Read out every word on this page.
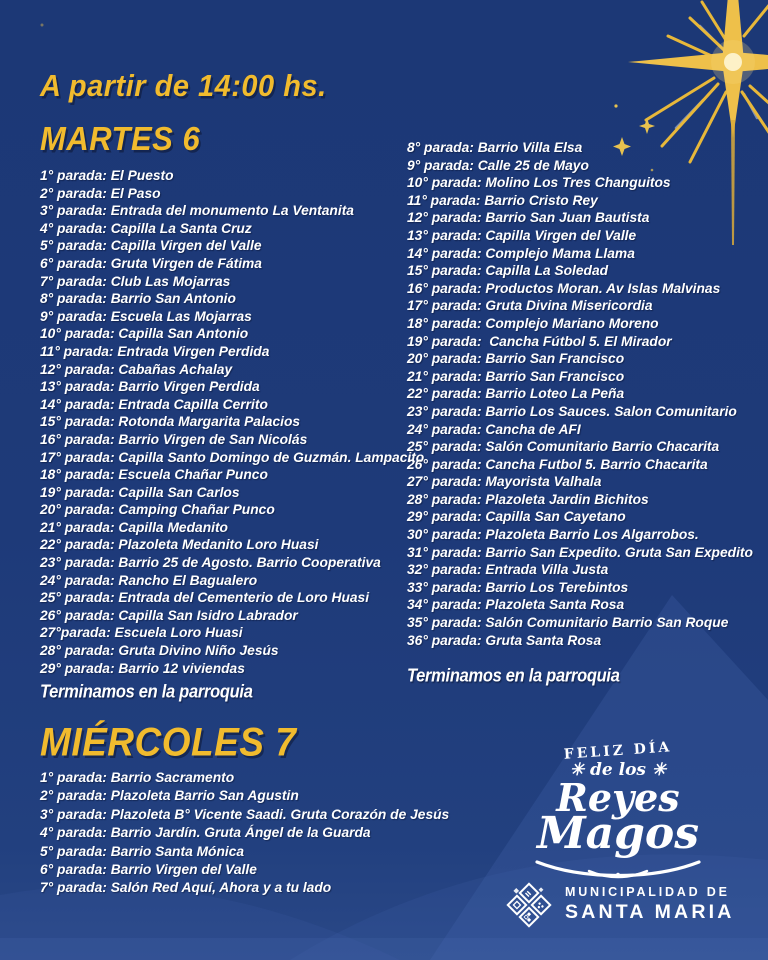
A partir de 14:00 hs.
MARTES 6
1° parada: El Puesto
2° parada: El Paso
3° parada: Entrada del monumento La Ventanita
4° parada: Capilla La Santa Cruz
5° parada: Capilla Virgen del Valle
6° parada: Gruta Virgen de Fátima
7° parada: Club Las Mojarras
8° parada: Barrio San Antonio
9° parada: Escuela Las Mojarras
10° parada: Capilla San Antonio
11° parada: Entrada Virgen Perdida
12° parada: Cabañas Achalay
13° parada: Barrio Virgen Perdida
14° parada: Entrada Capilla Cerrito
15° parada: Rotonda Margarita Palacios
16° parada: Barrio Virgen de San Nicolás
17° parada: Capilla Santo Domingo de Guzmán. Lampacito
18° parada: Escuela Chañar Punco
19° parada: Capilla San Carlos
20° parada: Camping Chañar Punco
21° parada: Capilla Medanito
22° parada: Plazoleta Medanito Loro Huasi
23° parada: Barrio 25 de Agosto. Barrio Cooperativa
24° parada: Rancho El Bagualero
25° parada: Entrada del Cementerio de Loro Huasi
26° parada: Capilla San Isidro Labrador
27°parada: Escuela Loro Huasi
28° parada: Gruta Divino Niño Jesús
29° parada: Barrio 12 viviendas
Terminamos en la parroquia
8° parada: Barrio Villa Elsa
9° parada: Calle 25 de Mayo
10° parada: Molino Los Tres Changuitos
11° parada: Barrio Cristo Rey
12° parada: Barrio San Juan Bautista
13° parada: Capilla Virgen del Valle
14° parada: Complejo Mama Llama
15° parada: Capilla La Soledad
16° parada: Productos Moran. Av Islas Malvinas
17° parada: Gruta Divina Misericordia
18° parada: Complejo Mariano Moreno
19° parada:  Cancha Fútbol 5. El Mirador
20° parada: Barrio San Francisco
21° parada: Barrio San Francisco
22° parada: Barrio Loteo La Peña
23° parada: Barrio Los Sauces. Salon Comunitario
24° parada: Cancha de AFI
25° parada: Salón Comunitario Barrio Chacarita
26° parada: Cancha Futbol 5. Barrio Chacarita
27° parada: Mayorista Valhala
28° parada: Plazoleta Jardin Bichitos
29° parada: Capilla San Cayetano
30° parada: Plazoleta Barrio Los Algarrobos.
31° parada: Barrio San Expedito. Gruta San Expedito
32° parada: Entrada Villa Justa
33° parada: Barrio Los Terebintos
34° parada: Plazoleta Santa Rosa
35° parada: Salón Comunitario Barrio San Roque
36° parada: Gruta Santa Rosa
Terminamos en la parroquia
MIÉRCOLES 7
1° parada: Barrio Sacramento
2° parada: Plazoleta Barrio San Agustin
3° parada: Plazoleta B° Vicente Saadi. Gruta Corazón de Jesús
4° parada: Barrio Jardín. Gruta Ángel de la Guarda
5° parada: Barrio Santa Mónica
6° parada: Barrio Virgen del Valle
7° parada: Salón Red Aquí, Ahora y a tu lado
FELIZ DÍA
✳ de los ✳
Reyes
Magos
MUNICIPALIDAD DE
SANTA MARIA
